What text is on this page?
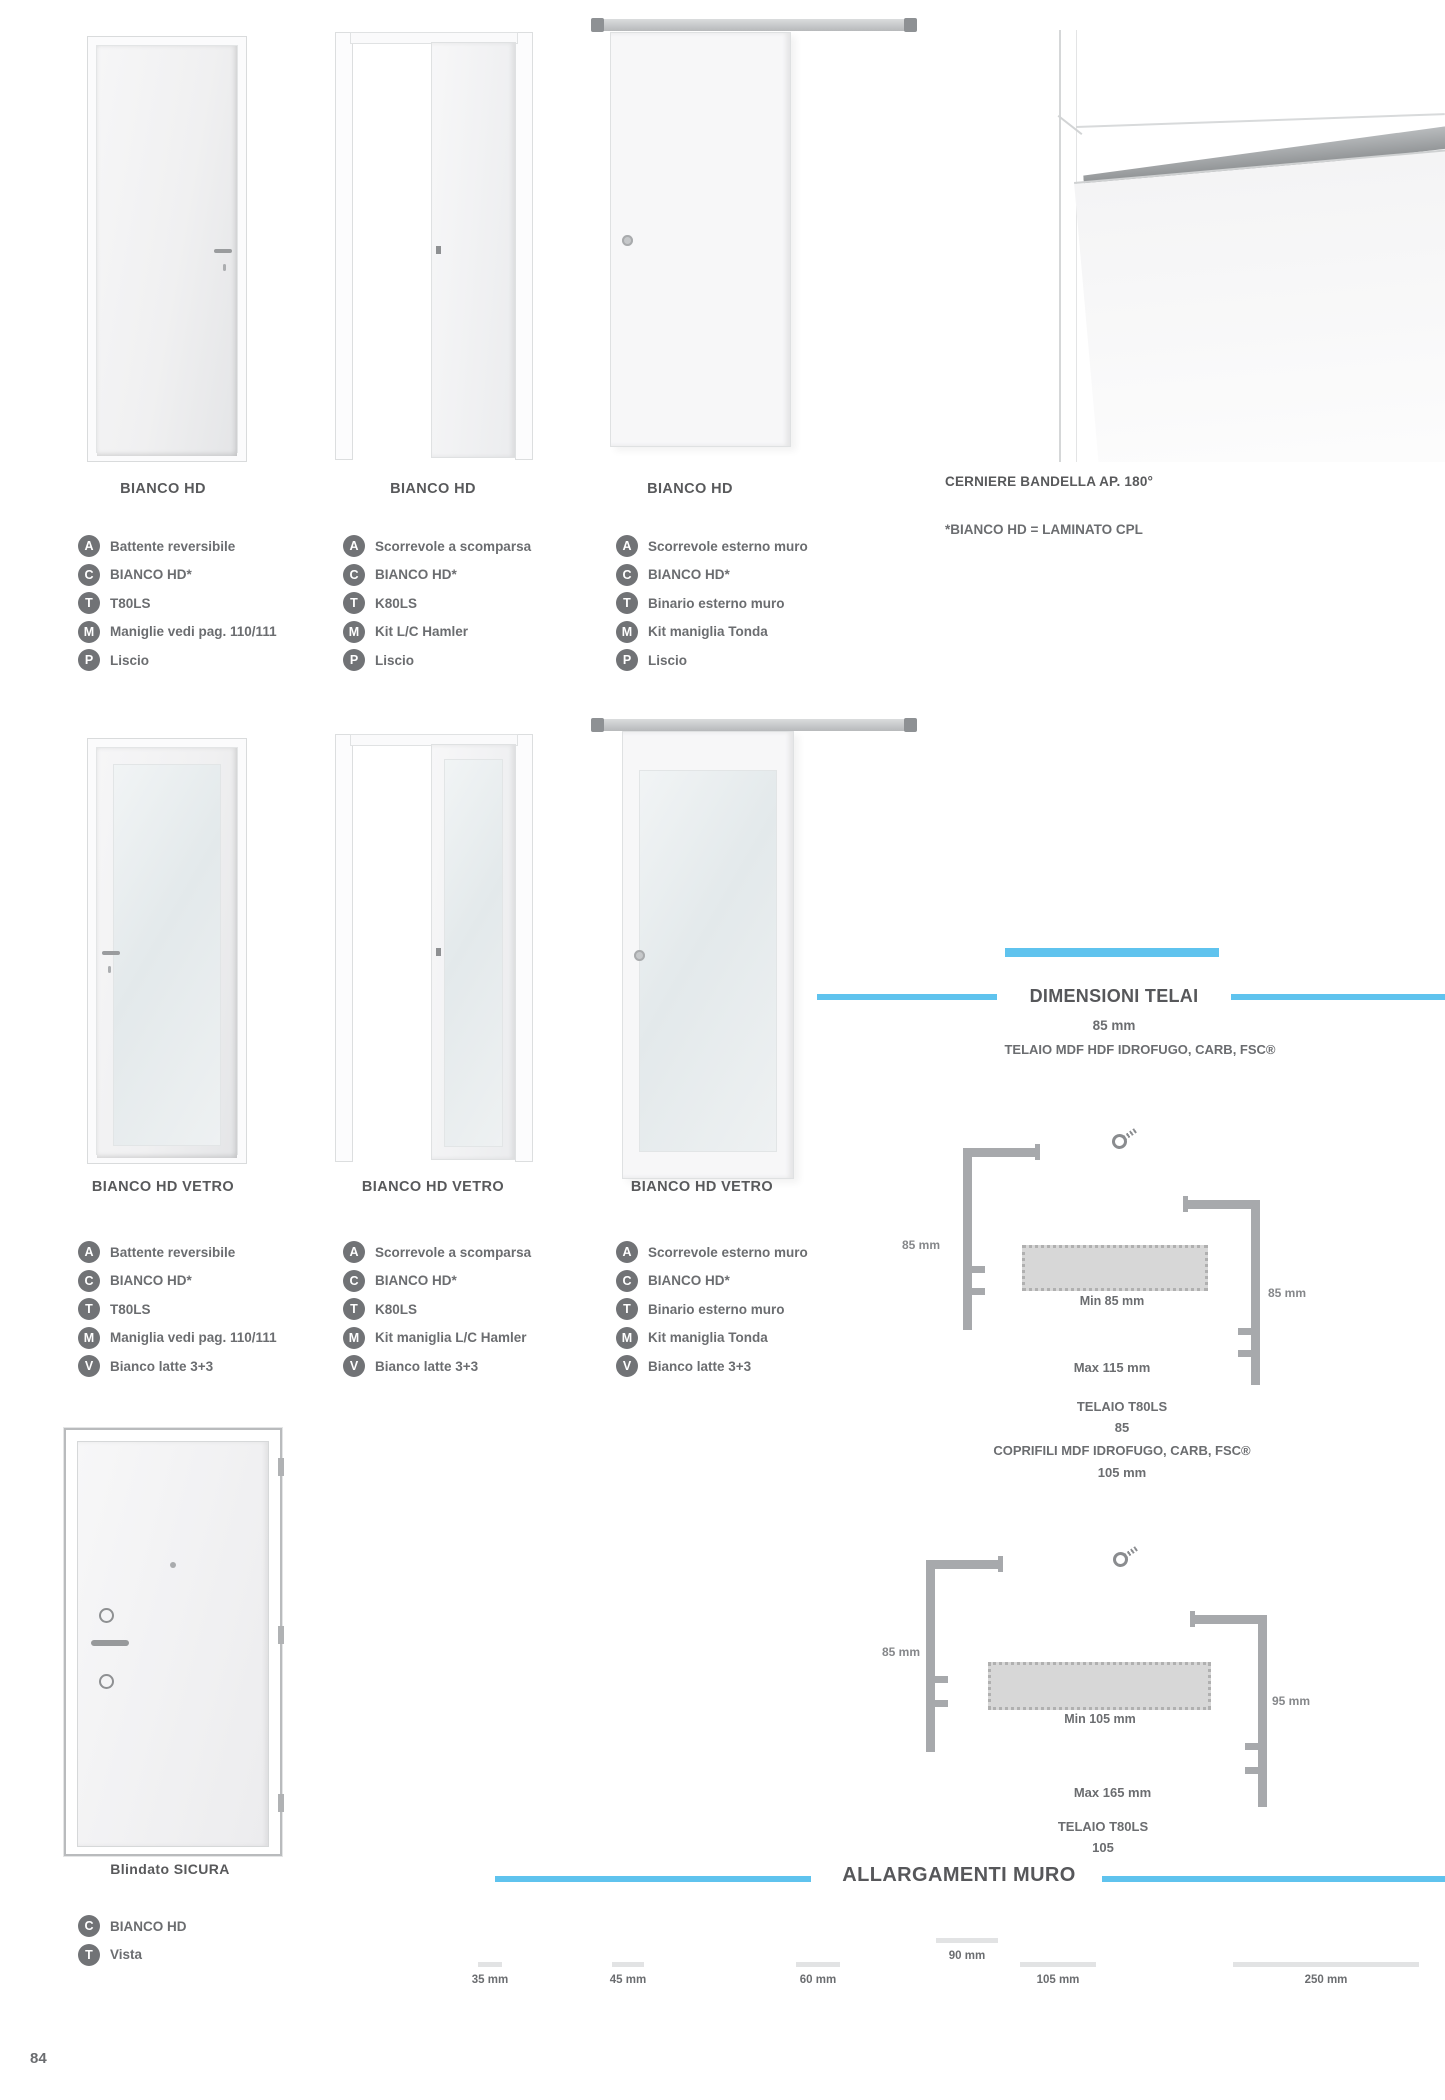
BIANCO HD	BIANCO HD	BIANCO HD	CERNIERE BANDELLA AP. 180°
*BIANCO HD = LAMINATO CPL
A	Battente reversibile
C	BIANCO HD*
T	T80LS
M	Maniglie vedi pag. 110/111
P	Liscio
A	Scorrevole a scomparsa
C	BIANCO HD*
T	K80LS
M	Kit L/C Hamler
P	Liscio
A	Scorrevole esterno muro
C	BIANCO HD*
T	Binario esterno muro
M	Kit maniglia Tonda
P	Liscio
BIANCO HD VETRO	BIANCO HD VETRO	BIANCO HD VETRO
A	Battente reversibile
C	BIANCO HD*
T	T80LS
M	Maniglia vedi pag. 110/111
V	Bianco latte 3+3
A	Scorrevole a scomparsa
C	BIANCO HD*
T	K80LS
M	Kit maniglia L/C Hamler
V	Bianco latte 3+3
A	Scorrevole esterno muro
C	BIANCO HD*
T	Binario esterno muro
M	Kit maniglia Tonda
V	Bianco latte 3+3
DIMENSIONI TELAI
85 mm
TELAIO MDF HDF IDROFUGO, CARB, FSC®
85 mm
85 mm
Min 85 mm
Max 115 mm
TELAIO T80LS
85
COPRIFILI MDF IDROFUGO, CARB, FSC®
105 mm
85 mm
95 mm
Min 105 mm
Max 165 mm
TELAIO T80LS
105
Blindato SICURA
C	BIANCO HD
T	Vista
ALLARGAMENTI MURO
35 mm	45 mm	60 mm
90 mm
105 mm	250 mm
84
